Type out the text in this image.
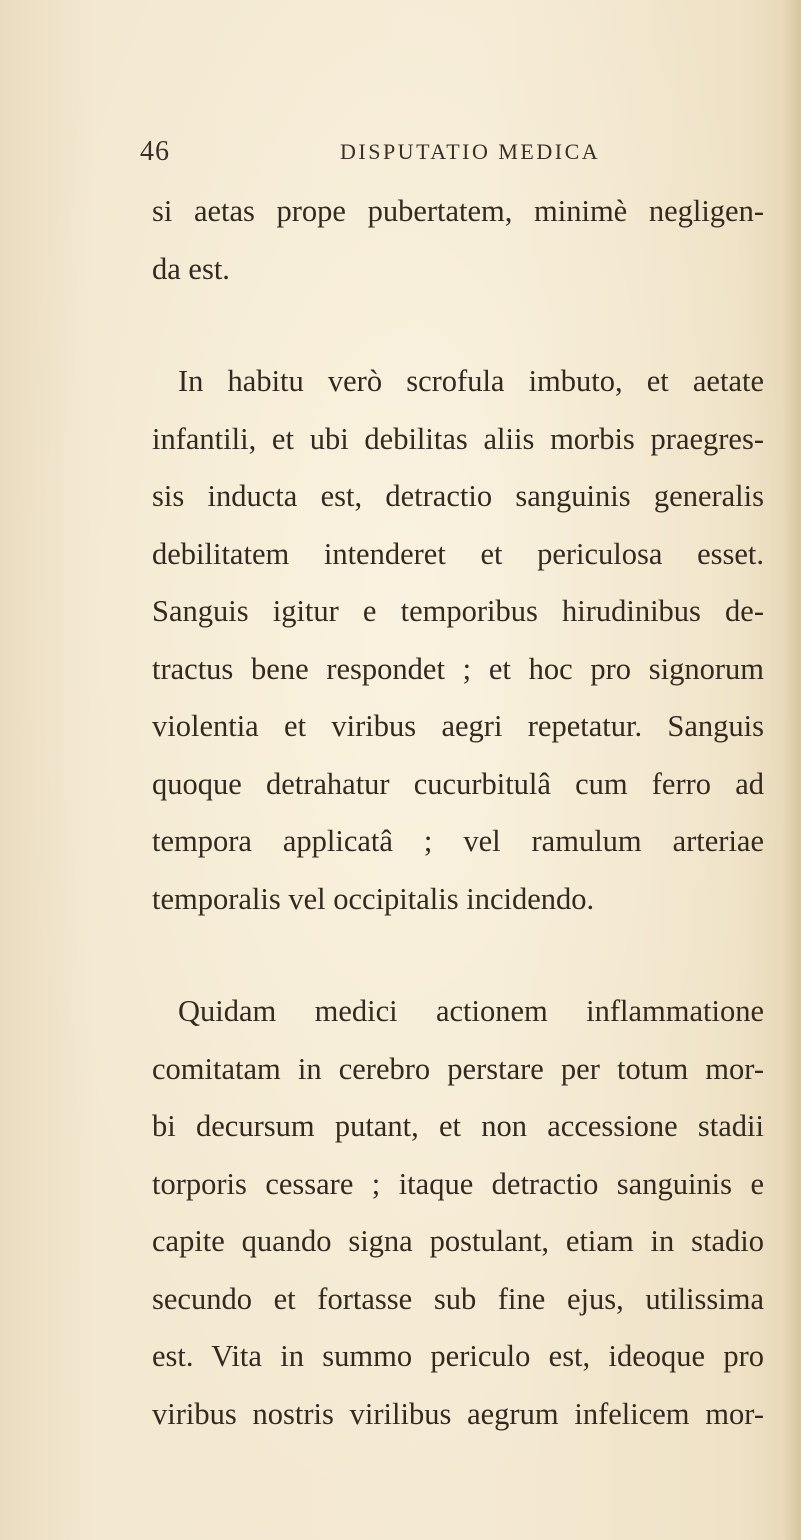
46	DISPUTATIO MEDICA
si aetas prope pubertatem, minimè negligen-
da est.
In habitu verò scrofula imbuto, et aetate
infantili, et ubi debilitas aliis morbis praegres-
sis inducta est, detractio sanguinis generalis
debilitatem intenderet et periculosa esset.
Sanguis igitur e temporibus hirudinibus de-
tractus bene respondet ; et hoc pro signorum
violentia et viribus aegri repetatur. Sanguis
quoque detrahatur cucurbitulâ cum ferro ad
tempora applicatâ ; vel ramulum arteriae
temporalis vel occipitalis incidendo.
Quidam medici actionem inflammatione
comitatam in cerebro perstare per totum mor-
bi decursum putant, et non accessione stadii
torporis cessare ; itaque detractio sanguinis e
capite quando signa postulant, etiam in stadio
secundo et fortasse sub fine ejus, utilissima
est. Vita in summo periculo est, ideoque pro
viribus nostris virilibus aegrum infelicem mor-
